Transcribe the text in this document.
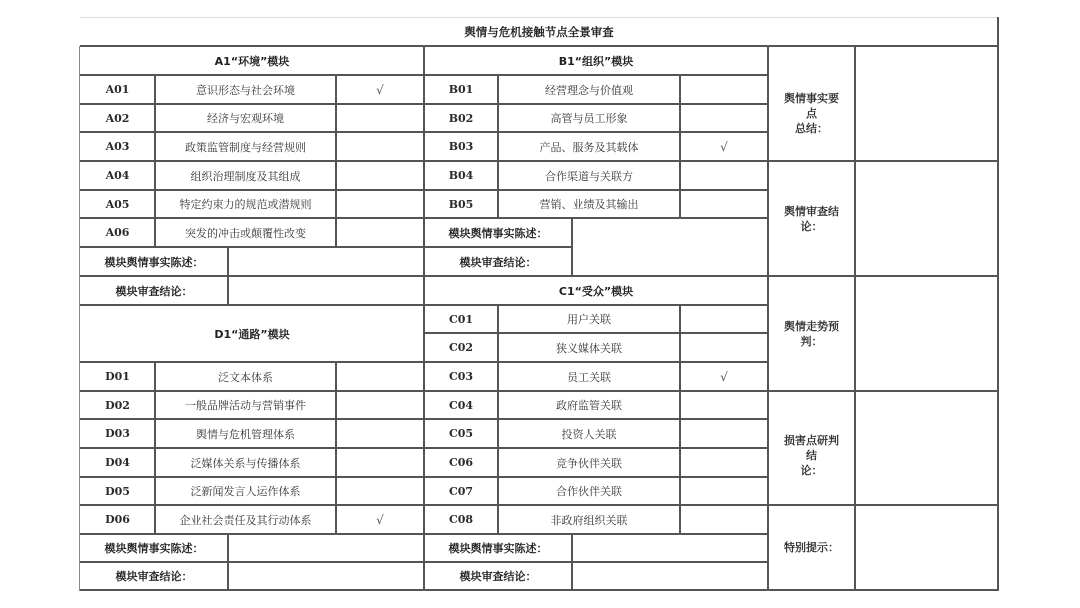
舆情与危机接触节点全景审查
A1“环境”模块
A01	意识形态与社会环境	√
A02	经济与宏观环境
A03	政策监管制度与经营规则
A04	组织治理制度及其组成
A05	特定约束力的规范或潜规则
A06	突发的冲击或颠覆性改变
模块舆情事实陈述：
模块审查结论：
B1“组织”模块
B01	经营理念与价值观
B02	高管与员工形象
B03	产品、服务及其载体	√
B04	合作渠道与关联方
B05	营销、业绩及其输出
模块舆情事实陈述：
模块审查结论：
C1“受众”模块
C01	用户关联
C02	狭义媒体关联
C03	员工关联	√
C04	政府监管关联
C05	投资人关联
C06	竞争伙伴关联
C07	合作伙伴关联
C08	非政府组织关联
模块舆情事实陈述：
模块审查结论：
D1“通路”模块
D01	泛文本体系
D02	一般品牌活动与营销事件
D03	舆情与危机管理体系
D04	泛媒体关系与传播体系
D05	泛新闻发言人运作体系
D06	企业社会责任及其行动体系	√
模块舆情事实陈述：
模块审查结论：
舆情事实要点
总结：
舆情审查结
论：
舆情走势预
判：
损害点研判结
论：
特别提示：
